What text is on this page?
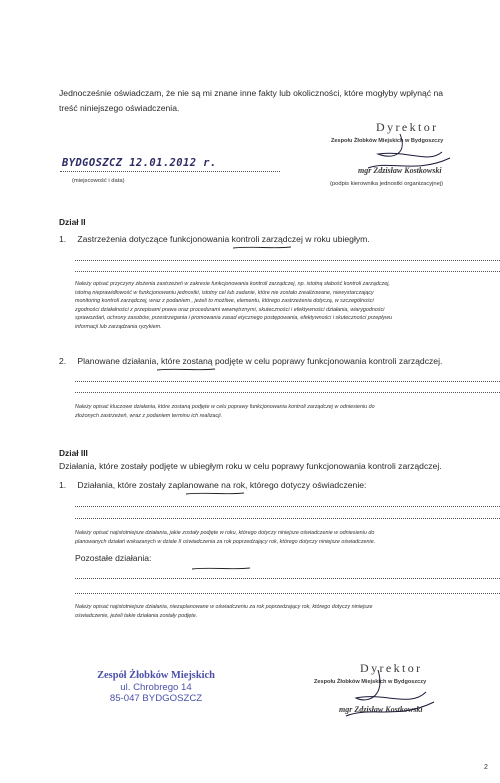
Jednocześnie oświadczam, że nie są mi znane inne fakty lub okoliczności, które mogłyby wpłynąć na
treść niniejszego oświadczenia.
Dyrektor
Zespołu Żłobków Miejskich w Bydgoszczy
mgr Zdzisław Kostkowski
(podpis kierownika jednostki organizacyjnej)
BYDGOSZCZ 12.01.2012 r.
(miejscowość i data)
Dział II
1. Zastrzeżenia dotyczące funkcjonowania kontroli zarządczej w roku ubiegłym.
Należy opisać przyczyny złożenia zastrzeżeń w zakresie funkcjonowania kontroli zarządczej, np. istotną słabość kontroli zarządczej,
istotną nieprawidłowość w funkcjonowaniu jednostki, istotny cel lub zadanie, które nie zostało zrealizowane, niewystarczający
monitoring kontroli zarządczej, wraz z podaniem , jeżeli to możliwe, elementu, którego zastrzeżenia dotyczą, w szczególności
zgodności działalności z przepisami prawa oraz procedurami wewnętrznymi, skuteczności i efektywności działania, wiarygodności
sprawozdań, ochrony zasobów, przestrzegania i promowania zasad etycznego postępowania, efektywności i skuteczności przepływu
informacji lub zarządzania ryzykiem.
2. Planowane działania, które zostaną podjęte w celu poprawy funkcjonowania kontroli zarządczej.
Należy opisać kluczowe działania, które zostaną podjęte w celu poprawy funkcjonowania kontroli zarządczej w odniesieniu do
złożonych zastrzeżeń, wraz z podaniem terminu ich realizacji.
Dział III
Działania, które zostały podjęte w ubiegłym roku w celu poprawy funkcjonowania kontroli zarządczej.
1. Działania, które zostały zaplanowane na rok, którego dotyczy oświadczenie:
Należy opisać najistotniejsze działania, jakie zostały podjęte w roku, którego dotyczy niniejsze oświadczenie w odniesieniu do
planowanych działań wskazanych w dziale II oświadczenia za rok poprzedzający rok, którego dotyczy niniejsze oświadczenie.
Pozostałe działania:
Należy opisać najistotniejsze działania, niezaplanowane w oświadczeniu za rok poprzedzający rok, którego dotyczy niniejsze
oświadczenie, jeżeli takie działania zostały podjęte.
Zespół Żłobków Miejskich
ul. Chrobrego 14
85-047 BYDGOSZCZ
Dyrektor
Zespołu Żłobków Miejskich w Bydgoszczy
mgr Zdzisław Kostkowski
2
